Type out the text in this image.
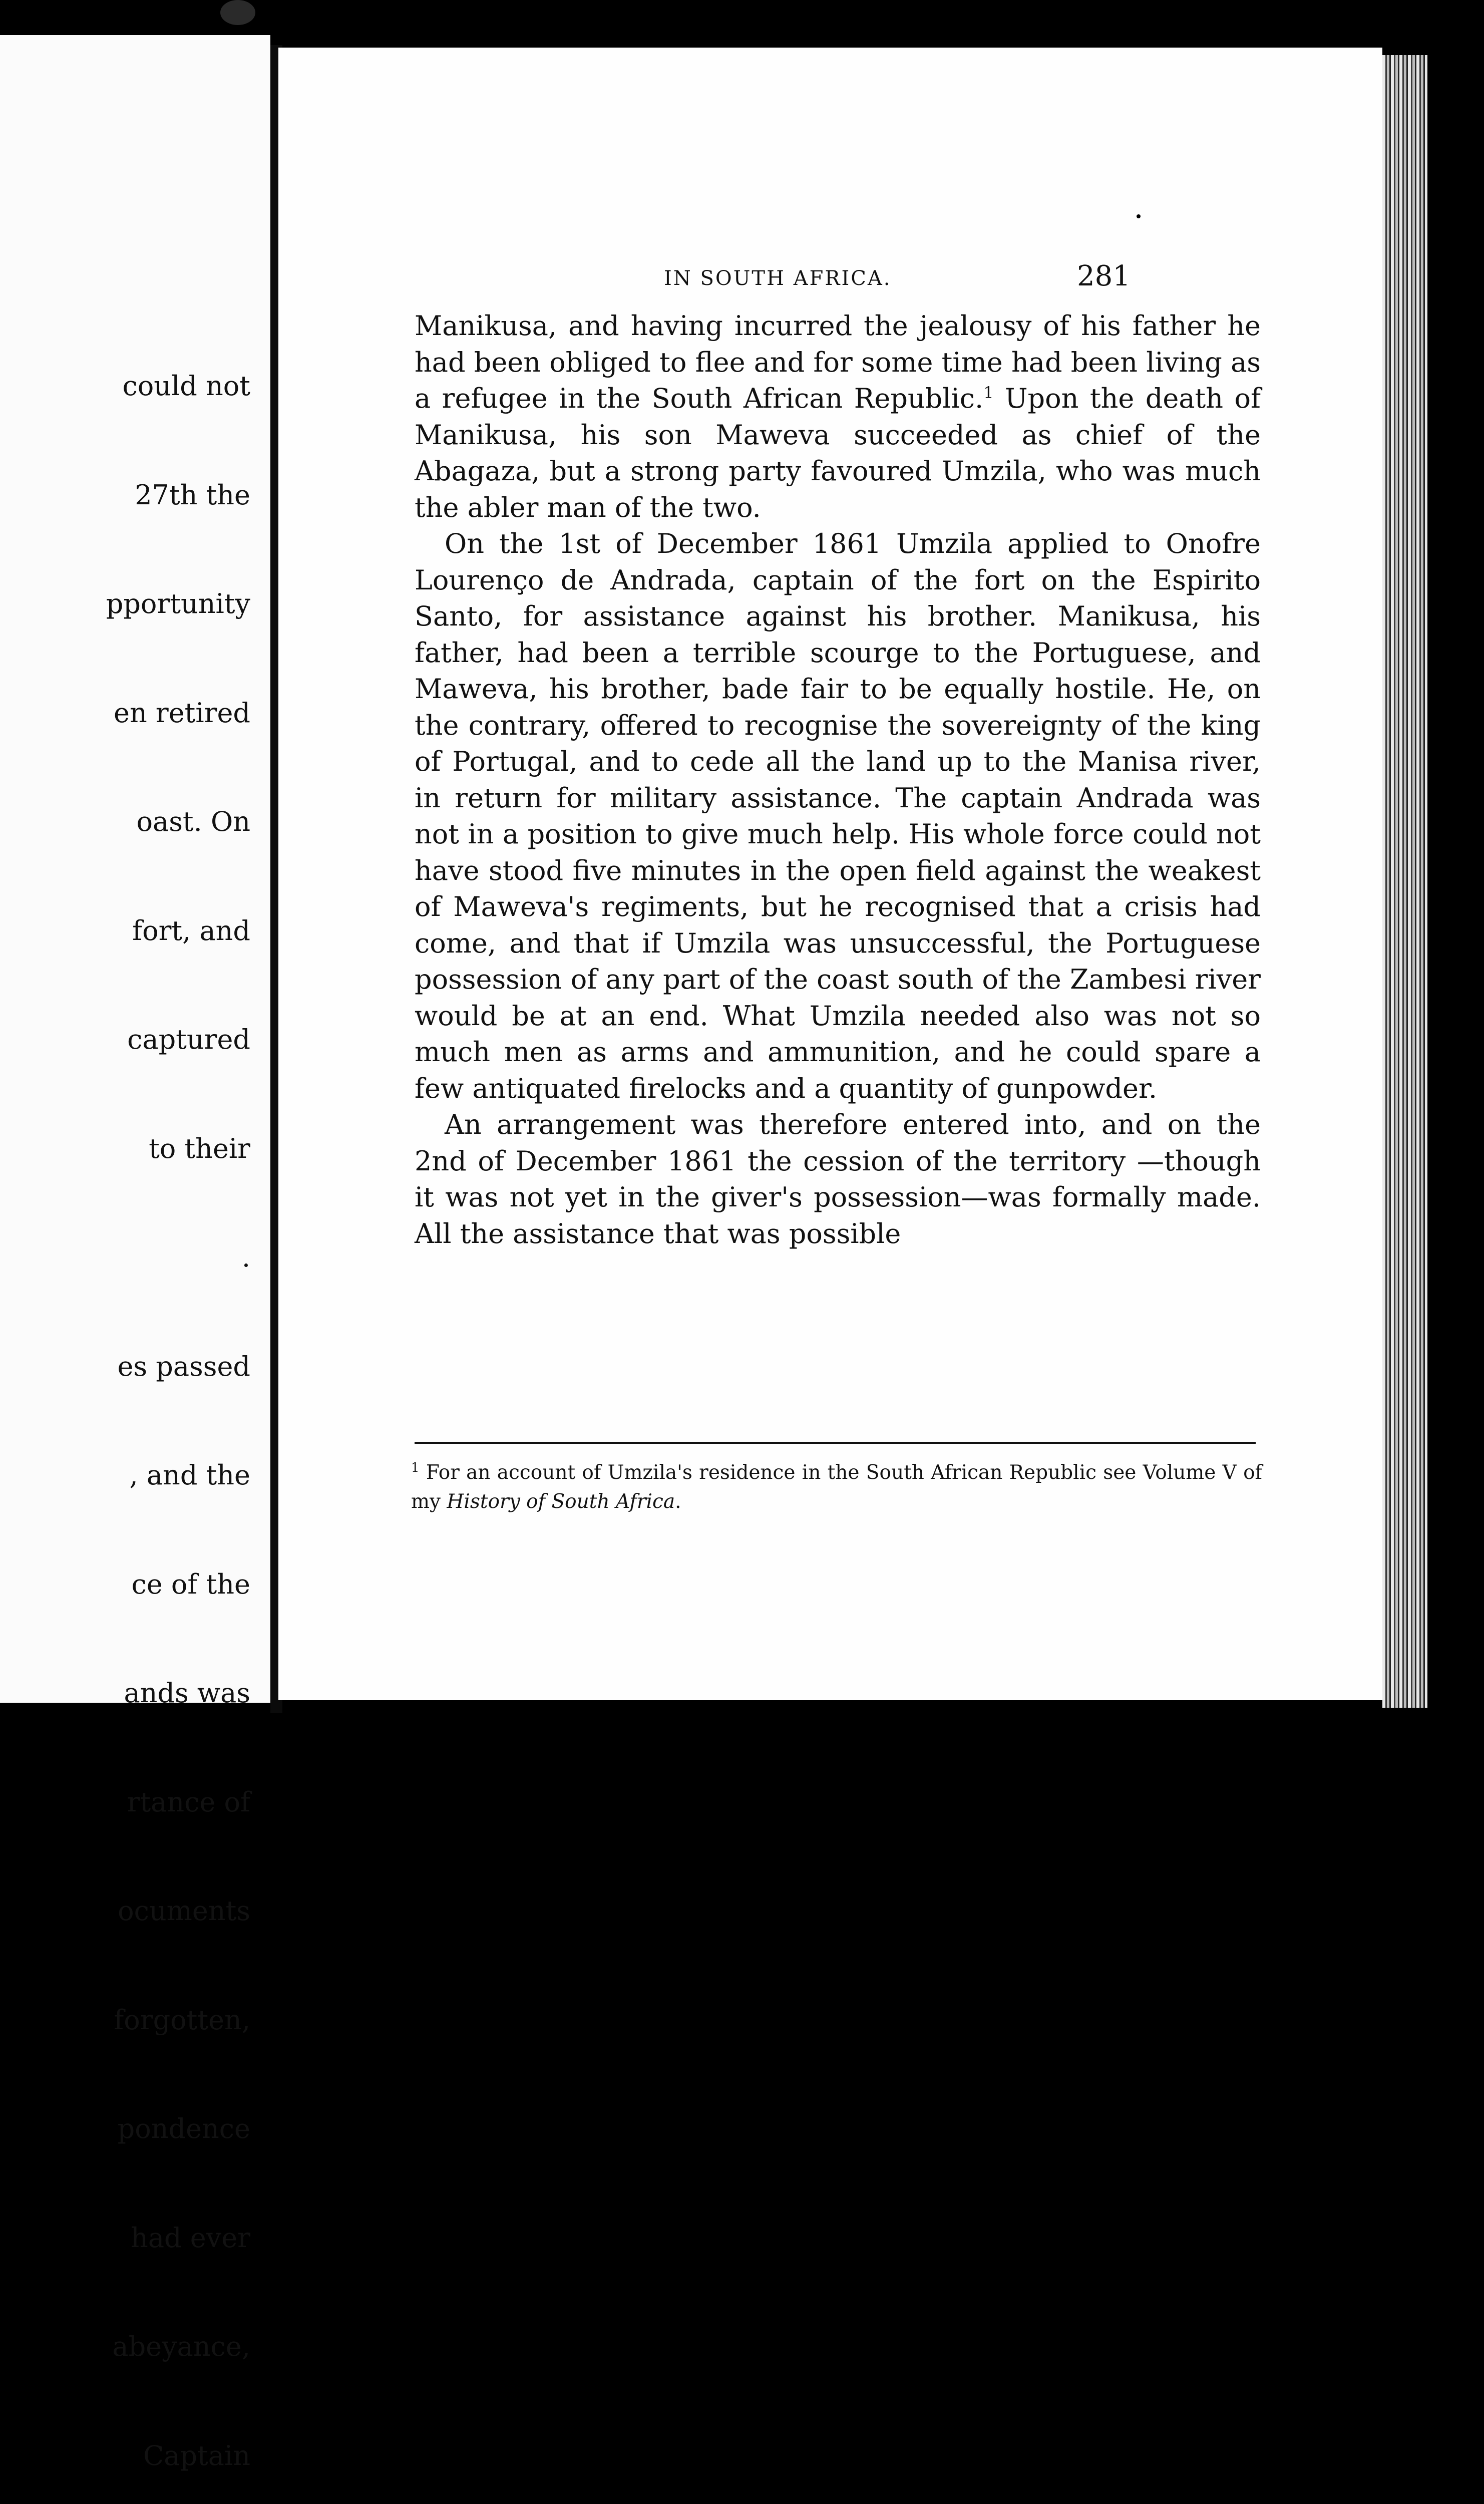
could not

27th the

pportunity

en retired

oast. On

fort, and

captured

to their

.

es passed

, and the

ce of the

ands was

rtance of

ocuments

forgotten,

pondence

had ever

abeyance,

Captain

IN SOUTH AFRICA.	281

Manikusa, and having incurred the jealousy of his father he had been obliged to flee and for some time had been living as a refugee in the South African Republic.$^1$ Upon the death of Manikusa, his son Maweva succeeded as chief of the Abagaza, but a strong party favoured Umzila, who was much the abler man of the two.

On the 1st of December 1861 Umzila applied to Onofre Lourenço de Andrada, captain of the fort on the Espirito Santo, for assistance against his brother. Manikusa, his father, had been a terrible scourge to the Portuguese, and Maweva, his brother, bade fair to be equally hostile. He, on the contrary, offered to recognise the sovereignty of the king of Portugal, and to cede all the land up to the Manisa river, in return for military assistance. The captain Andrada was not in a position to give much help. His whole force could not have stood five minutes in the open field against the weakest of Maweva's regiments, but he recognised that a crisis had come, and that if Umzila was unsuccessful, the Portuguese possession of any part of the coast south of the Zambesi river would be at an end. What Umzila needed also was not so much men as arms and ammunition, and he could spare a few antiquated firelocks and a quantity of gunpowder.

An arrangement was therefore entered into, and on the 2nd of December 1861 the cession of the territory —though it was not yet in the giver's possession—was formally made. All the assistance that was possible

$^1$ For an account of Umzila's residence in the South African Republic see Volume V of my History of South Africa.
